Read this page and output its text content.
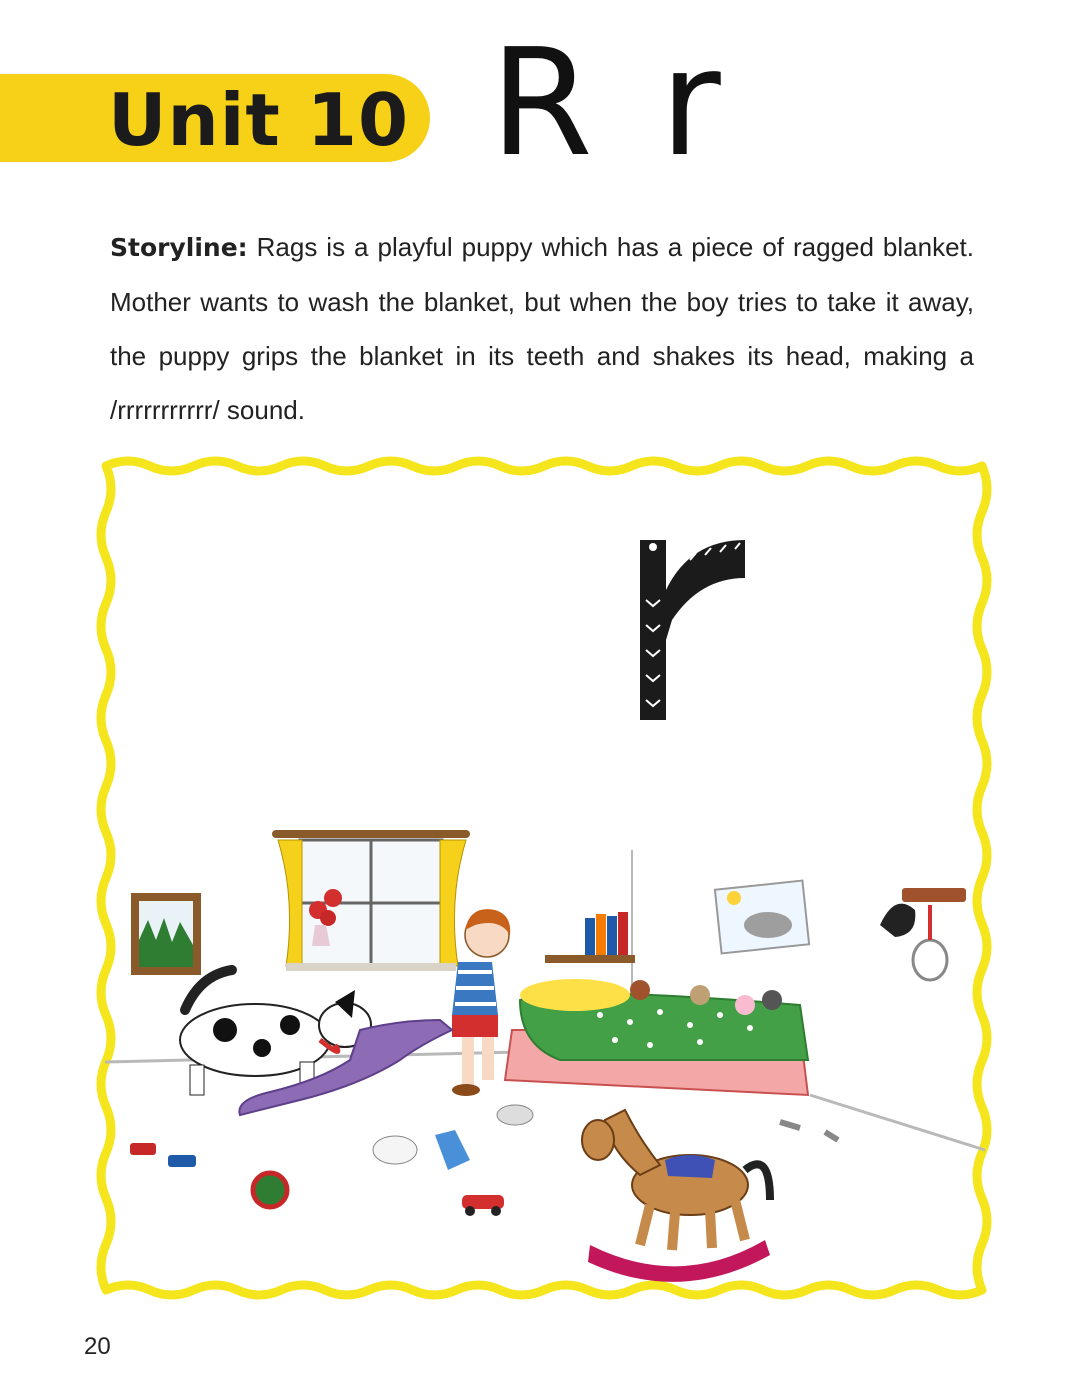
Unit 10 R r
Storyline: Rags is a playful puppy which has a piece of ragged blanket. Mother wants to wash the blanket, but when the boy tries to take it away, the puppy grips the blanket in its teeth and shakes its head, making a /rrrrrrrrrrr/ sound.
20
